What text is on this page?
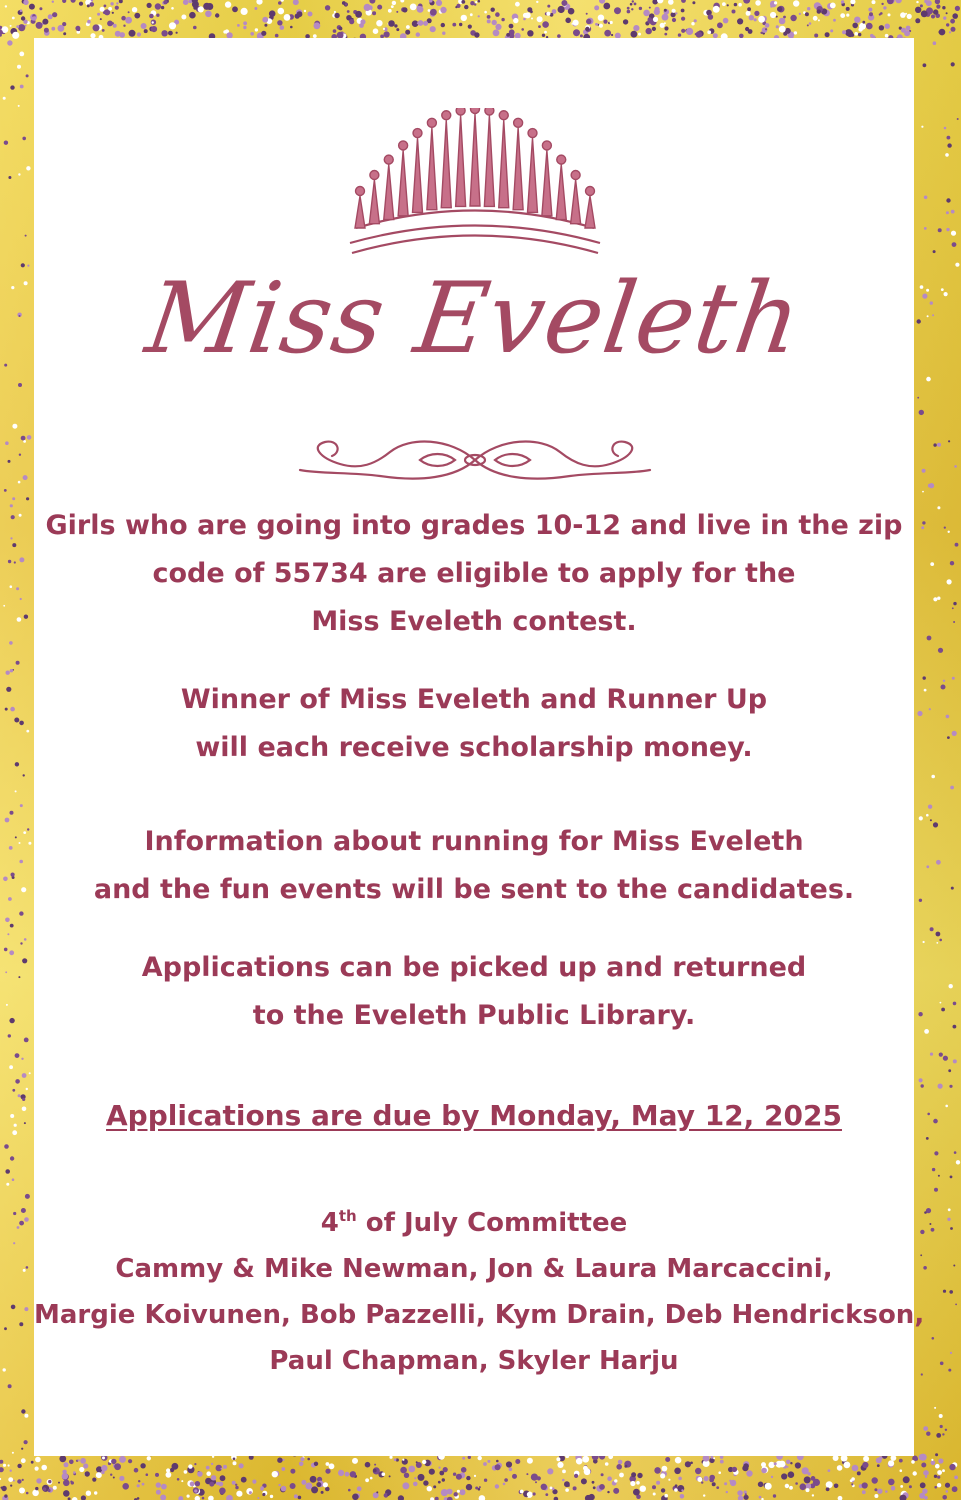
Miss Eveleth

Girls who are going into grades 10-12 and live in the zip
code of 55734 are eligible to apply for the
Miss Eveleth contest.

Winner of Miss Eveleth and Runner Up
will each receive scholarship money.

Information about running for Miss Eveleth
and the fun events will be sent to the candidates.

Applications can be picked up and returned
to the Eveleth Public Library.

Applications are due by Monday, May 12, 2025

4th of July Committee
Cammy & Mike Newman, Jon & Laura Marcaccini,
Margie Koivunen, Bob Pazzelli, Kym Drain, Deb Hendrickson,
Paul Chapman, Skyler Harju
